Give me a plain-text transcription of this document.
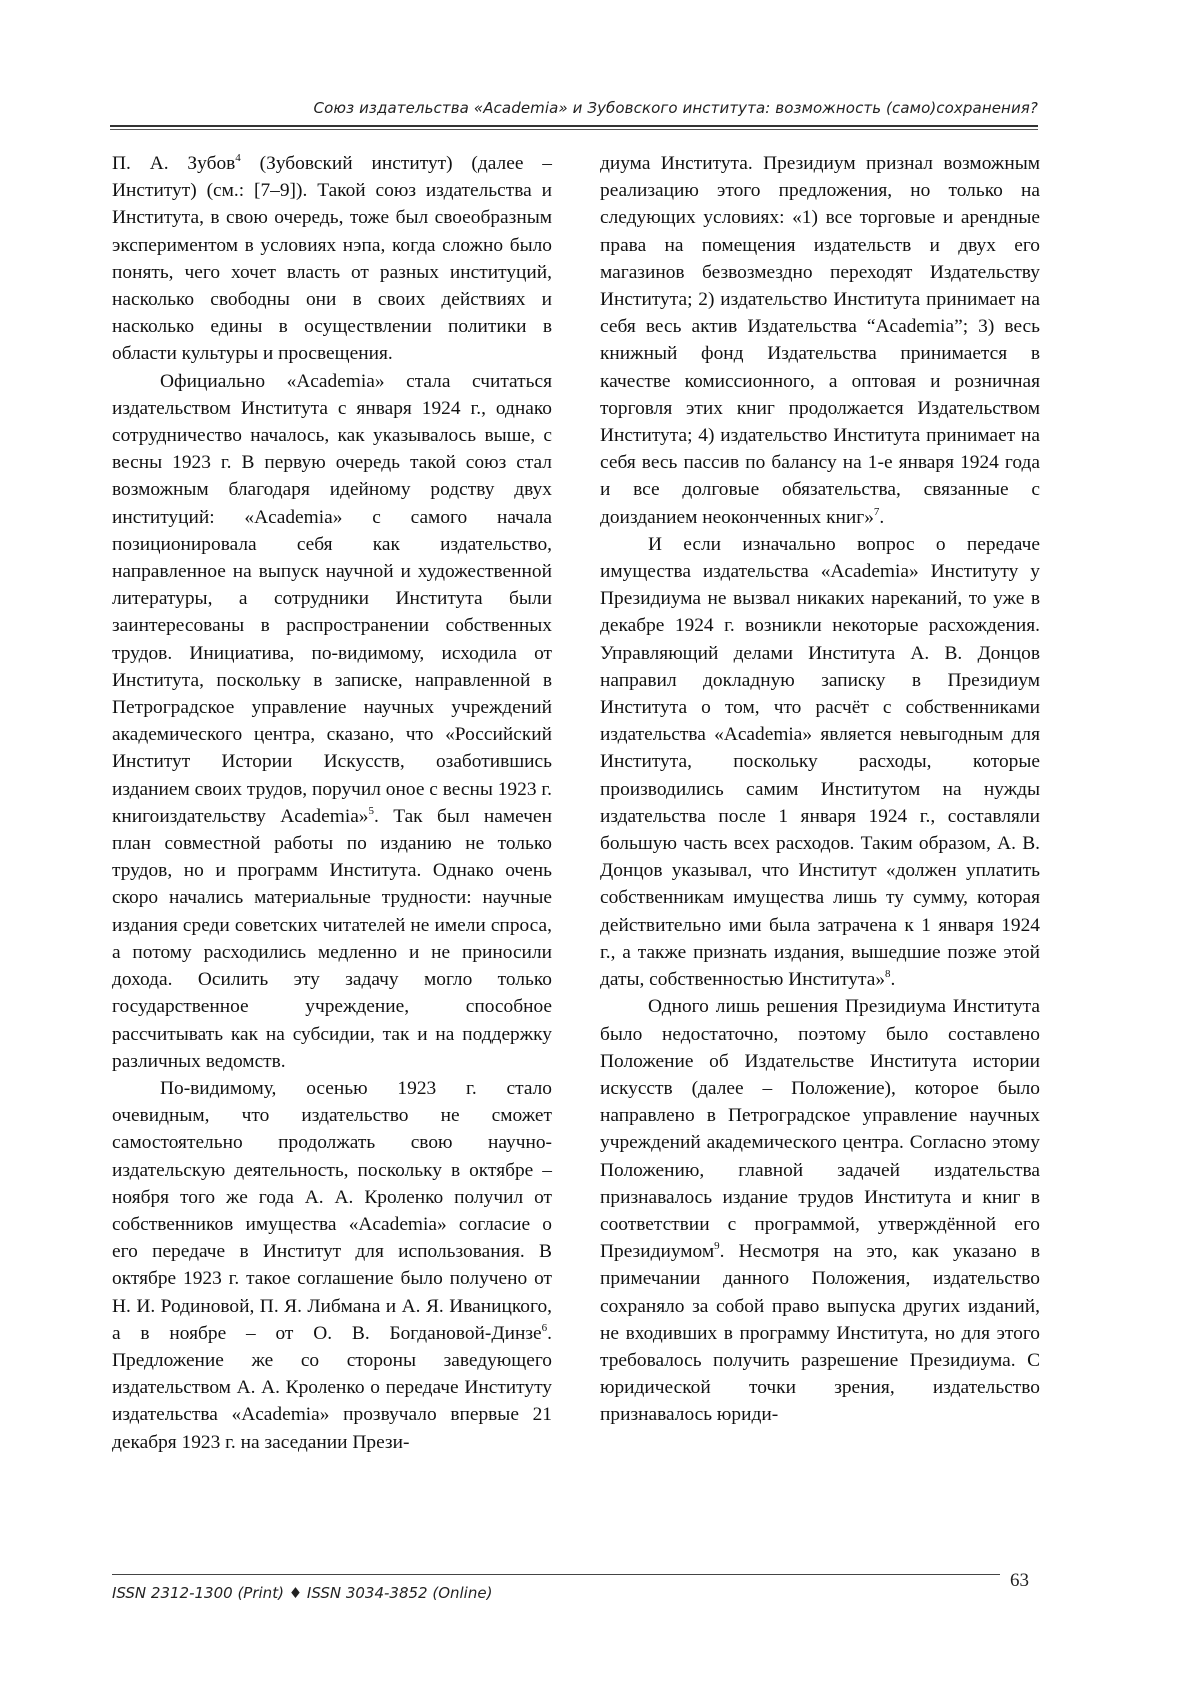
Союз издательства «Academia» и Зубовского института: возможность (само)сохранения?

П. А. Зубов$^4$ (Зубовский институт) (далее – Институт) (см.: [7–9]). Такой союз издательства и Института, в свою очередь, тоже был своеобразным экспериментом в условиях нэпа, когда сложно было понять, чего хочет власть от разных институций, насколько свободны они в своих действиях и насколько едины в осуществлении политики в области культуры и просвещения.

Официально «Academia» стала считаться издательством Института с января 1924 г., однако сотрудничество началось, как указывалось выше, с весны 1923 г. В первую очередь такой союз стал возможным благодаря идейному родству двух институций: «Academia» с самого начала позиционировала себя как издательство, направленное на выпуск научной и художественной литературы, а сотрудники Института были заинтересованы в распространении собственных трудов. Инициатива, по-видимому, исходила от Института, поскольку в записке, направленной в Петроградское управление научных учреждений академического центра, сказано, что «Российский Институт Истории Искусств, озаботившись изданием своих трудов, поручил оное с весны 1923 г. книгоиздательству Academia»$^5$. Так был намечен план совместной работы по изданию не только трудов, но и программ Института. Однако очень скоро начались материальные трудности: научные издания среди советских читателей не имели спроса, а потому расходились медленно и не приносили дохода. Осилить эту задачу могло только государственное учреждение, способное рассчитывать как на субсидии, так и на поддержку различных ведомств.

По-видимому, осенью 1923 г. стало очевидным, что издательство не сможет самостоятельно продолжать свою научно-издательскую деятельность, поскольку в октябре – ноября того же года А. А. Кроленко получил от собственников имущества «Academia» согласие о его передаче в Институт для использования. В октябре 1923 г. такое соглашение было получено от Н. И. Родиновой, П. Я. Либмана и А. Я. Иваницкого, а в ноябре – от О. В. Богдановой-Динзе$^6$. Предложение же со стороны заведующего издательством А. А. Кроленко о передаче Институту издательства «Academia» прозвучало впервые 21 декабря 1923 г. на заседании Прези-

диума Института. Президиум признал возможным реализацию этого предложения, но только на следующих условиях: «1) все торговые и арендные права на помещения издательств и двух его магазинов безвозмездно переходят Издательству Института; 2) издательство Института принимает на себя весь актив Издательства “Academia”; 3) весь книжный фонд Издательства принимается в качестве комиссионного, а оптовая и розничная торговля этих книг продолжается Издательством Института; 4) издательство Института принимает на себя весь пассив по балансу на 1-е января 1924 года и все долговые обязательства, связанные с доизданием неоконченных книг»$^7$.

И если изначально вопрос о передаче имущества издательства «Academia» Институту у Президиума не вызвал никаких нареканий, то уже в декабре 1924 г. возникли некоторые расхождения. Управляющий делами Института А. В. Донцов направил докладную записку в Президиум Института о том, что расчёт с собственниками издательства «Academia» является невыгодным для Института, поскольку расходы, которые производились самим Институтом на нужды издательства после 1 января 1924 г., составляли большую часть всех расходов. Таким образом, А. В. Донцов указывал, что Институт «должен уплатить собственникам имущества лишь ту сумму, которая действительно ими была затрачена к 1 января 1924 г., а также признать издания, вышедшие позже этой даты, собственностью Института»$^8$.

Одного лишь решения Президиума Института было недостаточно, поэтому было составлено Положение об Издательстве Института истории искусств (далее – Положение), которое было направлено в Петроградское управление научных учреждений академического центра. Согласно этому Положению, главной задачей издательства признавалось издание трудов Института и книг в соответствии с программой, утверждённой его Президиумом$^9$. Несмотря на это, как указано в примечании данного Положения, издательство сохраняло за собой право выпуска других изданий, не входивших в программу Института, но для этого требовалось получить разрешение Президиума. С юридической точки зрения, издательство признавалось юриди-

ISSN 2312-1300 (Print) ♦ ISSN 3034-3852 (Online)
63
